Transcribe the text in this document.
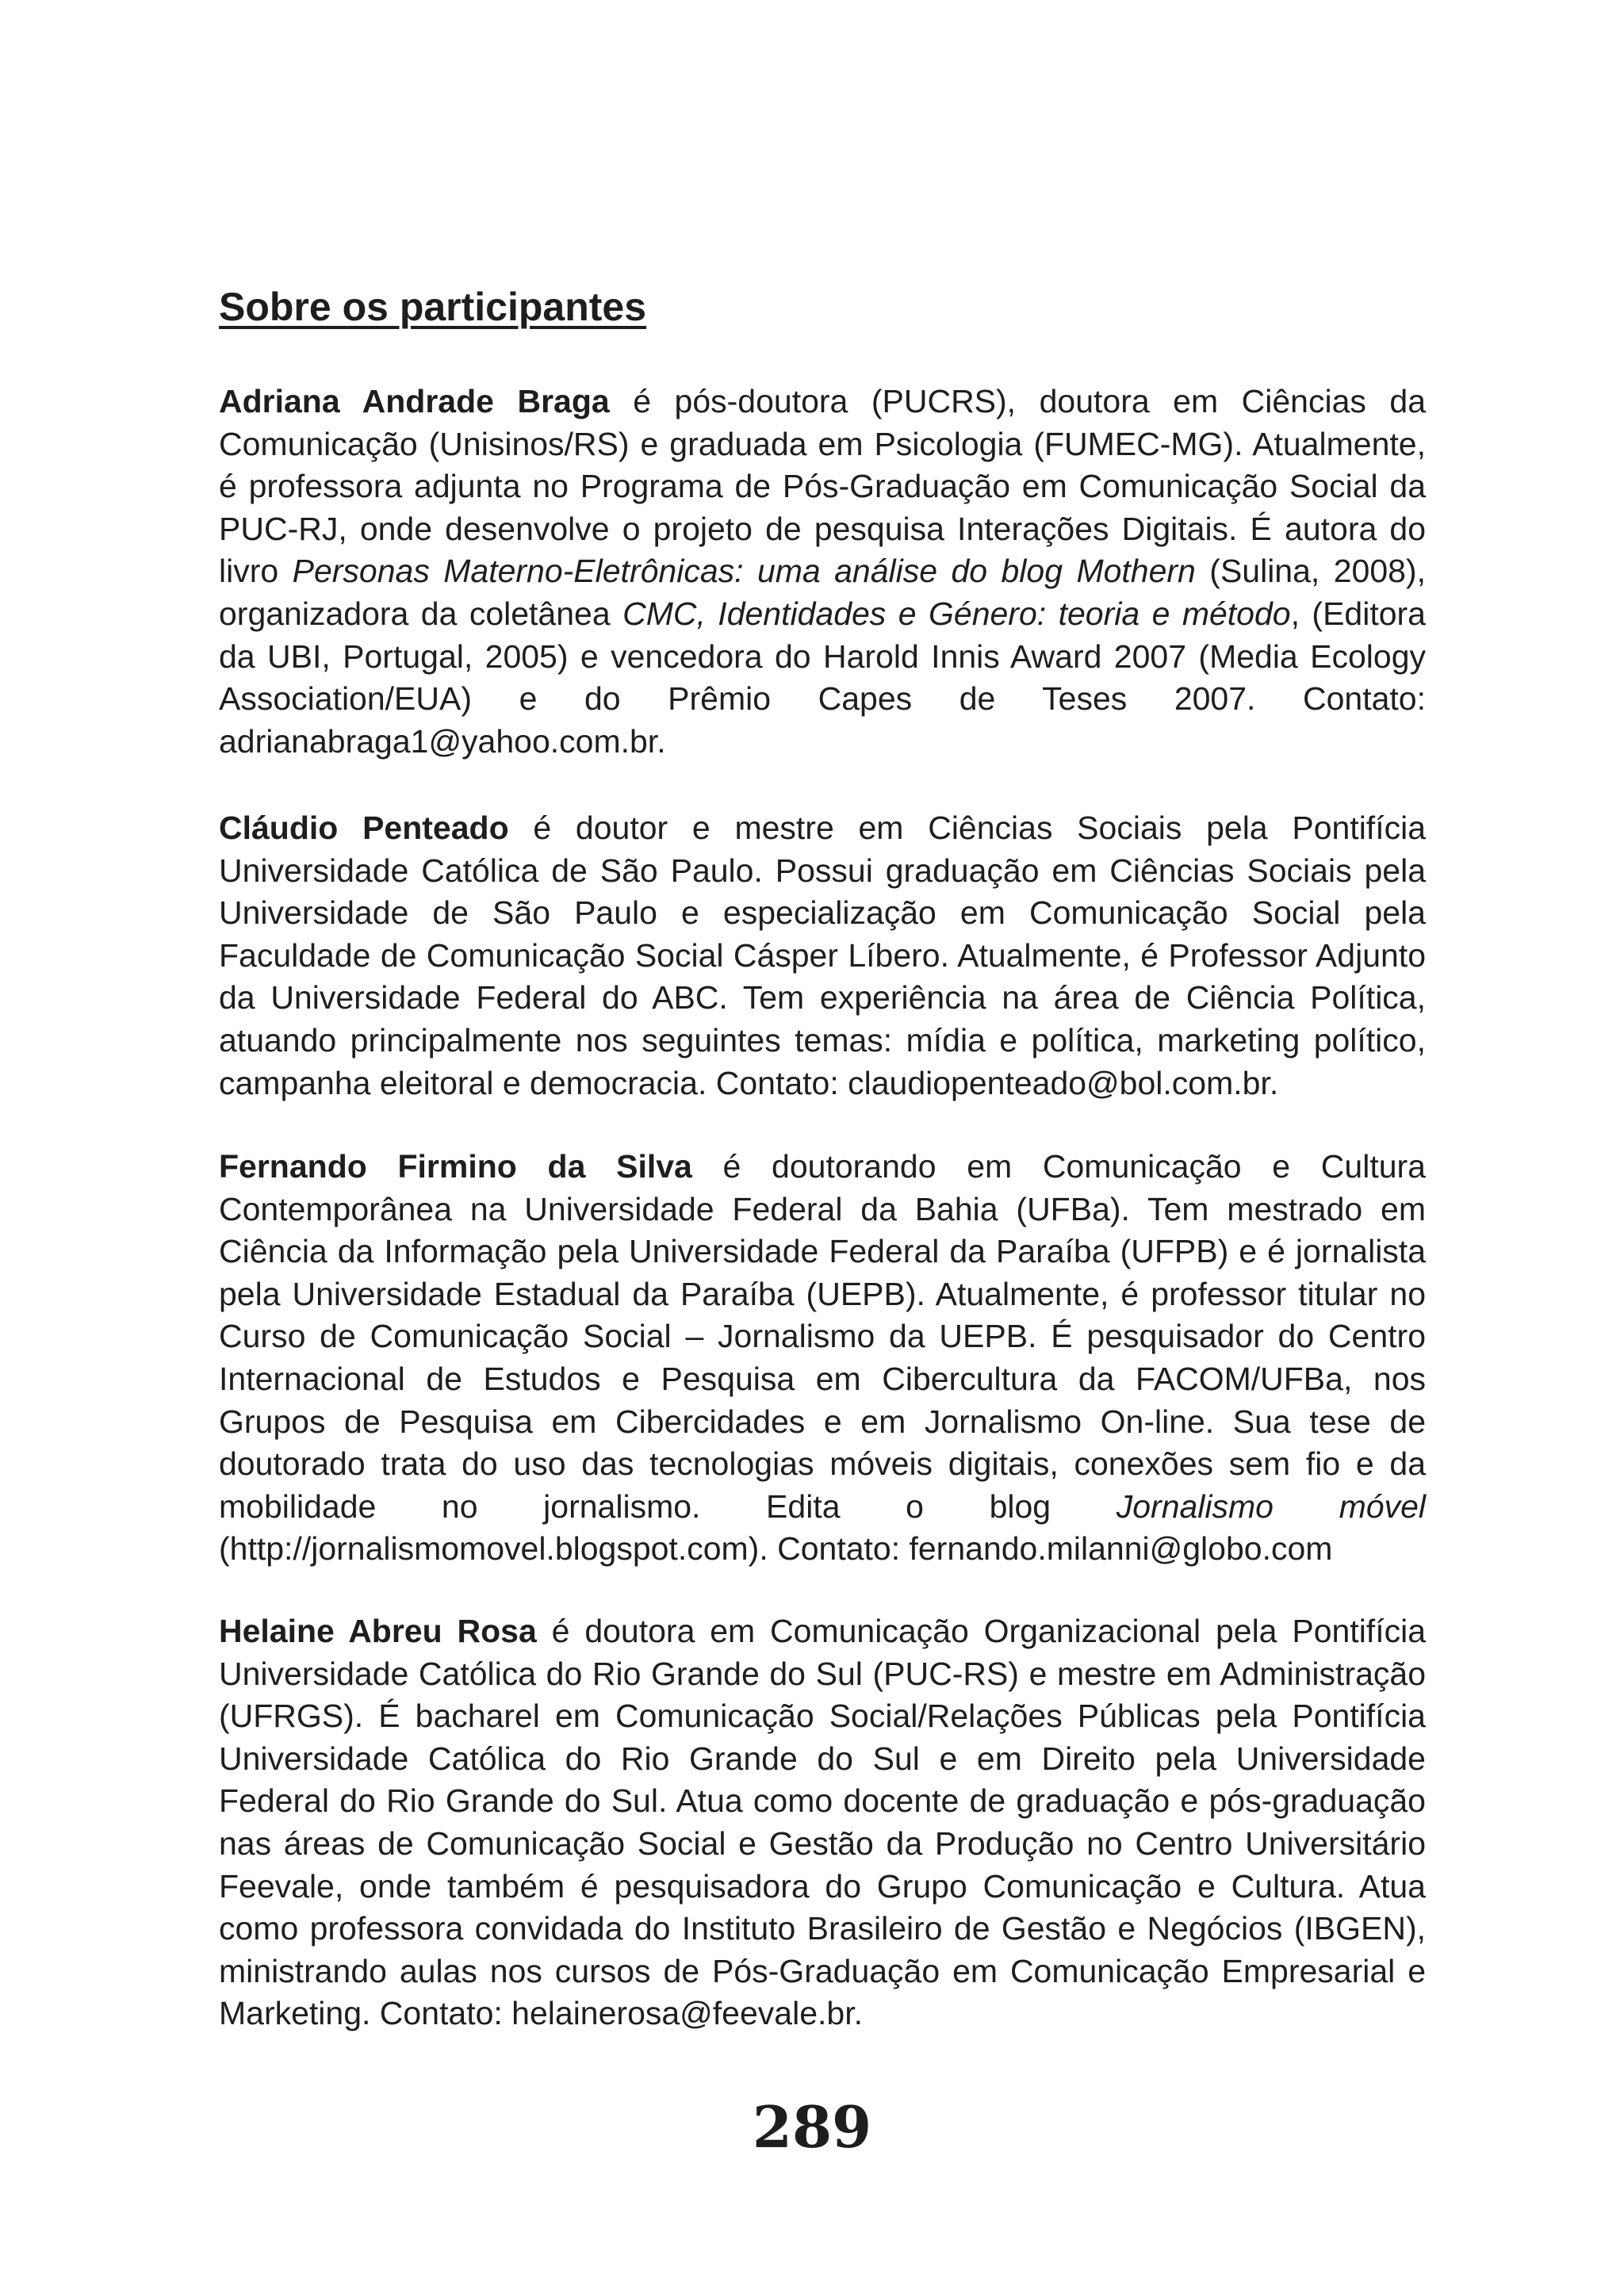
Sobre os participantes

Adriana Andrade Braga é pós-doutora (PUCRS), doutora em Ciências da Comunicação (Unisinos/RS) e graduada em Psicologia (FUMEC-MG). Atualmente, é professora adjunta no Programa de Pós-Graduação em Comunicação Social da PUC-RJ, onde desenvolve o projeto de pesquisa Interações Digitais. É autora do livro Personas Materno-Eletrônicas: uma análise do blog Mothern (Sulina, 2008), organizadora da coletânea CMC, Identidades e Género: teoria e método, (Editora da UBI, Portugal, 2005) e vencedora do Harold Innis Award 2007 (Media Ecology Association/EUA) e do Prêmio Capes de Teses 2007. Contato: adrianabraga1@yahoo.com.br.

Cláudio Penteado é doutor e mestre em Ciências Sociais pela Pontifícia Universidade Católica de São Paulo. Possui graduação em Ciências Sociais pela Universidade de São Paulo e especialização em Comunicação Social pela Faculdade de Comunicação Social Cásper Líbero. Atualmente, é Professor Adjunto da Universidade Federal do ABC. Tem experiência na área de Ciência Política, atuando principalmente nos seguintes temas: mídia e política, marketing político, campanha eleitoral e democracia. Contato: claudiopenteado@bol.com.br.

Fernando Firmino da Silva é doutorando em Comunicação e Cultura Contemporânea na Universidade Federal da Bahia (UFBa). Tem mestrado em Ciência da Informação pela Universidade Federal da Paraíba (UFPB) e é jornalista pela Universidade Estadual da Paraíba (UEPB). Atualmente, é professor titular no Curso de Comunicação Social – Jornalismo da UEPB. É pesquisador do Centro Internacional de Estudos e Pesquisa em Cibercultura da FACOM/UFBa, nos Grupos de Pesquisa em Cibercidades e em Jornalismo On-line. Sua tese de doutorado trata do uso das tecnologias móveis digitais, conexões sem fio e da mobilidade no jornalismo. Edita o blog Jornalismo móvel (http://jornalismomovel.blogspot.com). Contato: fernando.milanni@globo.com

Helaine Abreu Rosa é doutora em Comunicação Organizacional pela Pontifícia Universidade Católica do Rio Grande do Sul (PUC-RS) e mestre em Administração (UFRGS). É bacharel em Comunicação Social/Relações Públicas pela Pontifícia Universidade Católica do Rio Grande do Sul e em Direito pela Universidade Federal do Rio Grande do Sul. Atua como docente de graduação e pós-graduação nas áreas de Comunicação Social e Gestão da Produção no Centro Universitário Feevale, onde também é pesquisadora do Grupo Comunicação e Cultura. Atua como professora convidada do Instituto Brasileiro de Gestão e Negócios (IBGEN), ministrando aulas nos cursos de Pós-Graduação em Comunicação Empresarial e Marketing. Contato: helainerosa@feevale.br.

289
